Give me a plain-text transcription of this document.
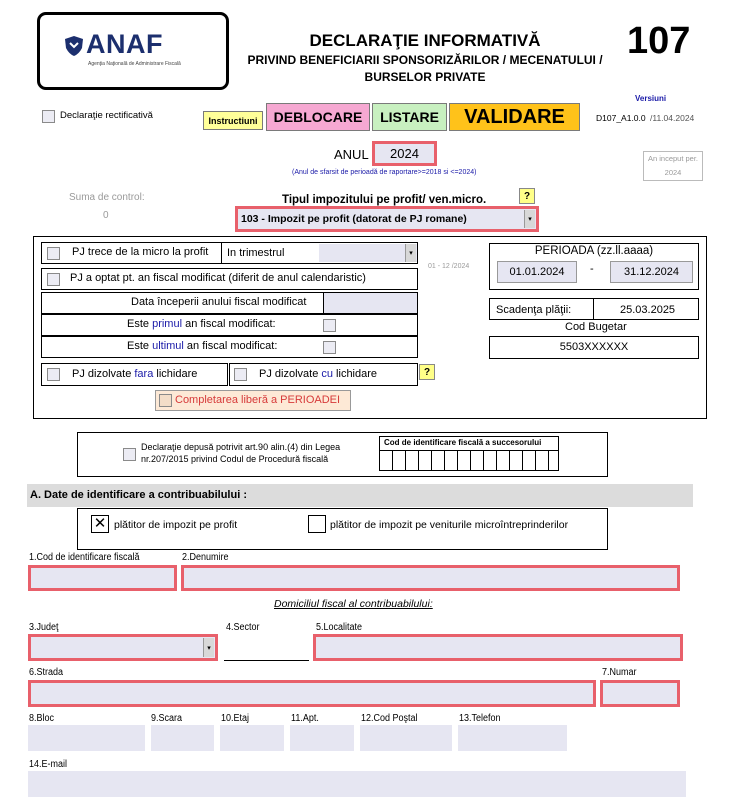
ANAF
Agenţia Naţională de Administrare Fiscală
DECLARAŢIE INFORMATIVĂ
PRIVIND BENEFICIARII SPONSORIZĂRILOR / MECENATULUI /
BURSELOR PRIVATE
107
Versiuni
D107_A1.0.0 /11.04.2024
Declaraţie rectificativă	Instructiuni	DEBLOCARE	LISTARE	VALIDARE
ANUL	2024
(Anul de sfarsit de perioadă de raportare>=2018 si <=2024)
An inceput per.
2024
Suma de control:
0
Tipul impozitului pe profit/ ven.micro.	?
103 - Impozit pe profit (datorat de PJ romane)	▾
PJ trece de la micro la profit In trimestrul	▾
PJ a optat pt. an fiscal modificat (diferit de anul calendaristic)
01 - 12 /2024
Data începerii anului fiscal modificat
Este primul an fiscal modificat:
Este ultimul an fiscal modificat:
PJ dizolvate fara lichidare	PJ dizolvate cu lichidare	?
Completarea liberă a PERIOADEI
PERIOADA (zz.ll.aaaa)
01.01.2024	-	31.12.2024
Scadenţa plăţii:	25.03.2025
Cod Bugetar
5503XXXXXX
Declaraţie depusă potrivit art.90 alin.(4) din Legea
nr.207/2015 privind Codul de Procedură fiscală
Cod de identificare fiscală a succesorului
A. Date de identificare a contribuabilului :
✕ plătitor de impozit pe profit	plătitor de impozit pe veniturile microîntreprinderilor
1.Cod de identificare fiscală	2.Denumire
Domiciliul fiscal al contribuabilului:
3.Judeţ
▾
4.Sector	5.Localitate
6.Strada	7.Numar
8.Bloc	9.Scara	10.Etaj	11.Apt.	12.Cod Poştal	13.Telefon
14.E-mail
